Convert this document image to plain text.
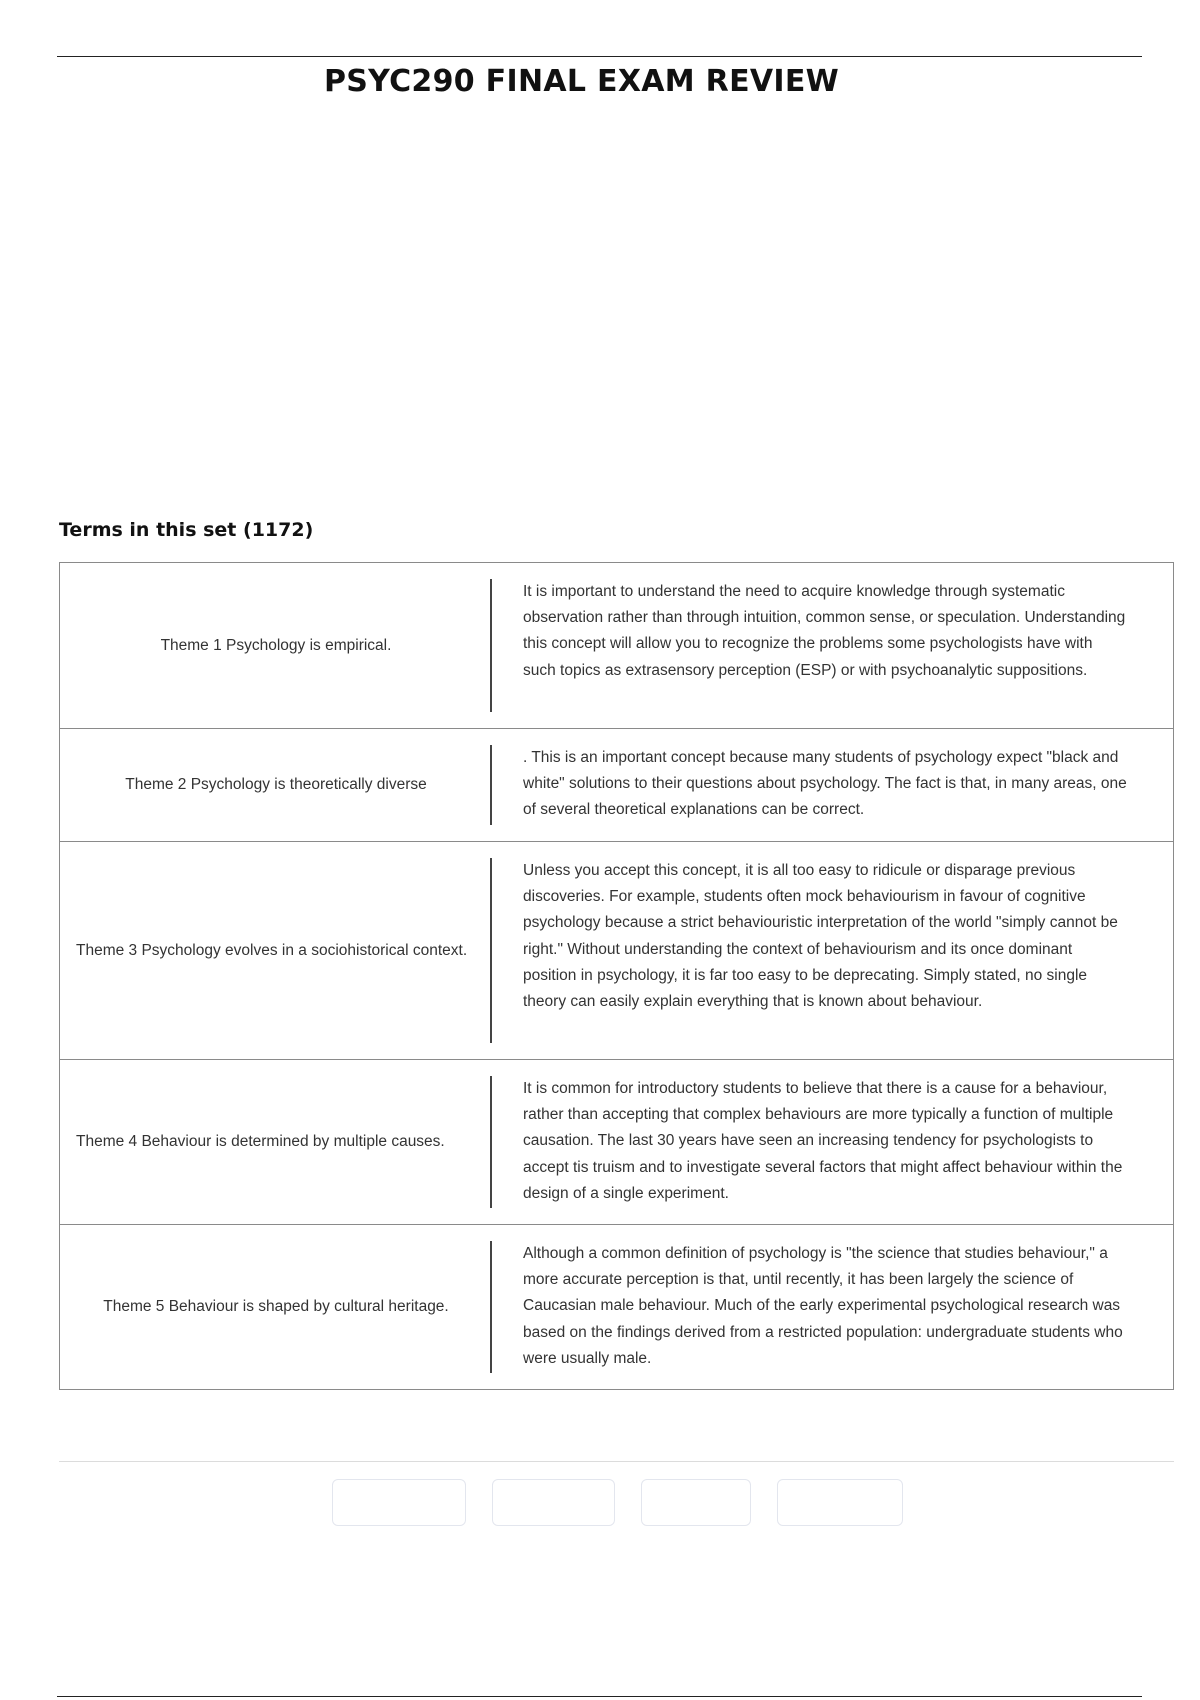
PSYC290 FINAL EXAM REVIEW
Terms in this set (1172)
Theme 1 Psychology is empirical.
It is important to understand the need to acquire knowledge through systematic observation rather than through intuition, common sense, or speculation. Understanding this concept will allow you to recognize the problems some psychologists have with such topics as extrasensory perception (ESP) or with psychoanalytic suppositions.
Theme 2 Psychology is theoretically diverse
. This is an important concept because many students of psychology expect "black and white" solutions to their questions about psychology. The fact is that, in many areas, one of several theoretical explanations can be correct.
Theme 3 Psychology evolves in a sociohistorical context.
Unless you accept this concept, it is all too easy to ridicule or disparage previous discoveries. For example, students often mock behaviourism in favour of cognitive psychology because a strict behaviouristic interpretation of the world "simply cannot be right." Without understanding the context of behaviourism and its once dominant position in psychology, it is far too easy to be deprecating. Simply stated, no single theory can easily explain everything that is known about behaviour.
Theme 4 Behaviour is determined by multiple causes.
It is common for introductory students to believe that there is a cause for a behaviour, rather than accepting that complex behaviours are more typically a function of multiple causation. The last 30 years have seen an increasing tendency for psychologists to accept tis truism and to investigate several factors that might affect behaviour within the design of a single experiment.
Theme 5 Behaviour is shaped by cultural heritage.
Although a common definition of psychology is "the science that studies behaviour," a more accurate perception is that, until recently, it has been largely the science of Caucasian male behaviour. Much of the early experimental psychological research was based on the findings derived from a restricted population: undergraduate students who were usually male.
